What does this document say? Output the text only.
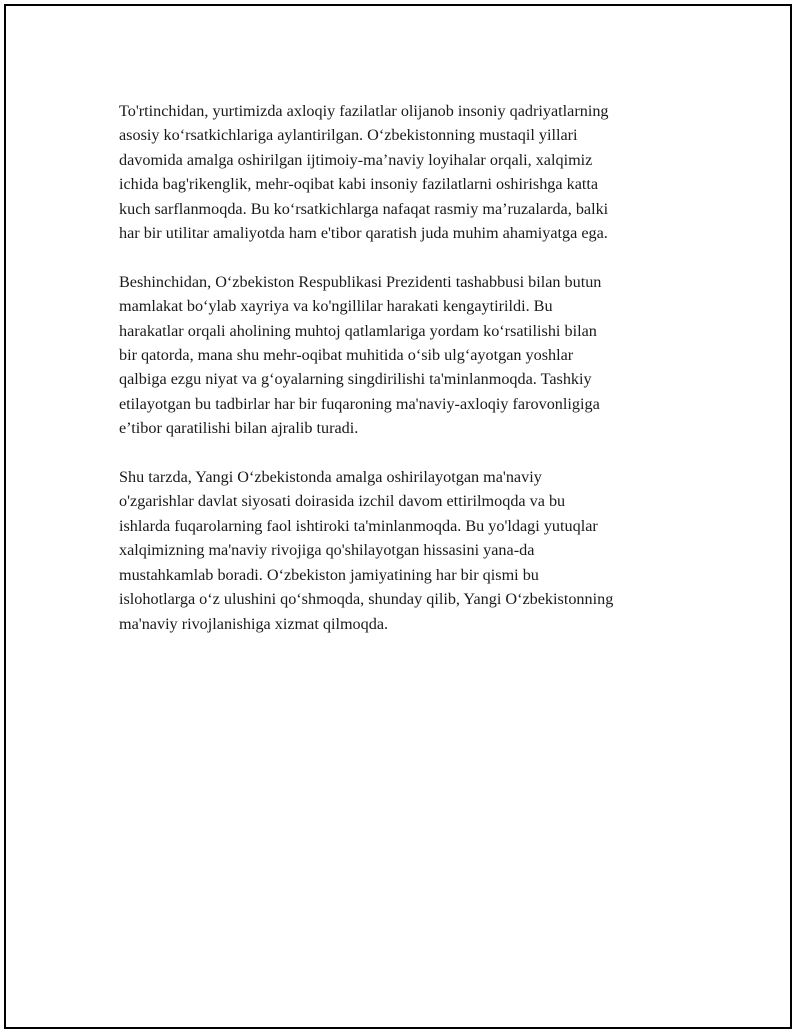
To'rtinchidan, yurtimizda axloqiy fazilatlar olijanob insoniy qadriyatlarning
asosiy ko‘rsatkichlariga aylantirilgan. O‘zbekistonning mustaqil yillari
davomida amalga oshirilgan ijtimoiy-ma’naviy loyihalar orqali, xalqimiz
ichida bag'rikenglik, mehr-oqibat kabi insoniy fazilatlarni oshirishga katta
kuch sarflanmoqda. Bu ko‘rsatkichlarga nafaqat rasmiy ma’ruzalarda, balki
har bir utilitar amaliyotda ham e'tibor qaratish juda muhim ahamiyatga ega.

Beshinchidan, O‘zbekiston Respublikasi Prezidenti tashabbusi bilan butun
mamlakat bo‘ylab xayriya va ko'ngillilar harakati kengaytirildi. Bu
harakatlar orqali aholining muhtoj qatlamlariga yordam ko‘rsatilishi bilan
bir qatorda, mana shu mehr-oqibat muhitida o‘sib ulg‘ayotgan yoshlar
qalbiga ezgu niyat va g‘oyalarning singdirilishi ta'minlanmoqda. Tashkiy
etilayotgan bu tadbirlar har bir fuqaroning ma'naviy-axloqiy farovonligiga
e’tibor qaratilishi bilan ajralib turadi.

Shu tarzda, Yangi O‘zbekistonda amalga oshirilayotgan ma'naviy
o'zgarishlar davlat siyosati doirasida izchil davom ettirilmoqda va bu
ishlarda fuqarolarning faol ishtiroki ta'minlanmoqda. Bu yo'ldagi yutuqlar
xalqimizning ma'naviy rivojiga qo'shilayotgan hissasini yana-da
mustahkamlab boradi. O‘zbekiston jamiyatining har bir qismi bu
islohotlarga o‘z ulushini qo‘shmoqda, shunday qilib, Yangi O‘zbekistonning
ma'naviy rivojlanishiga xizmat qilmoqda.
